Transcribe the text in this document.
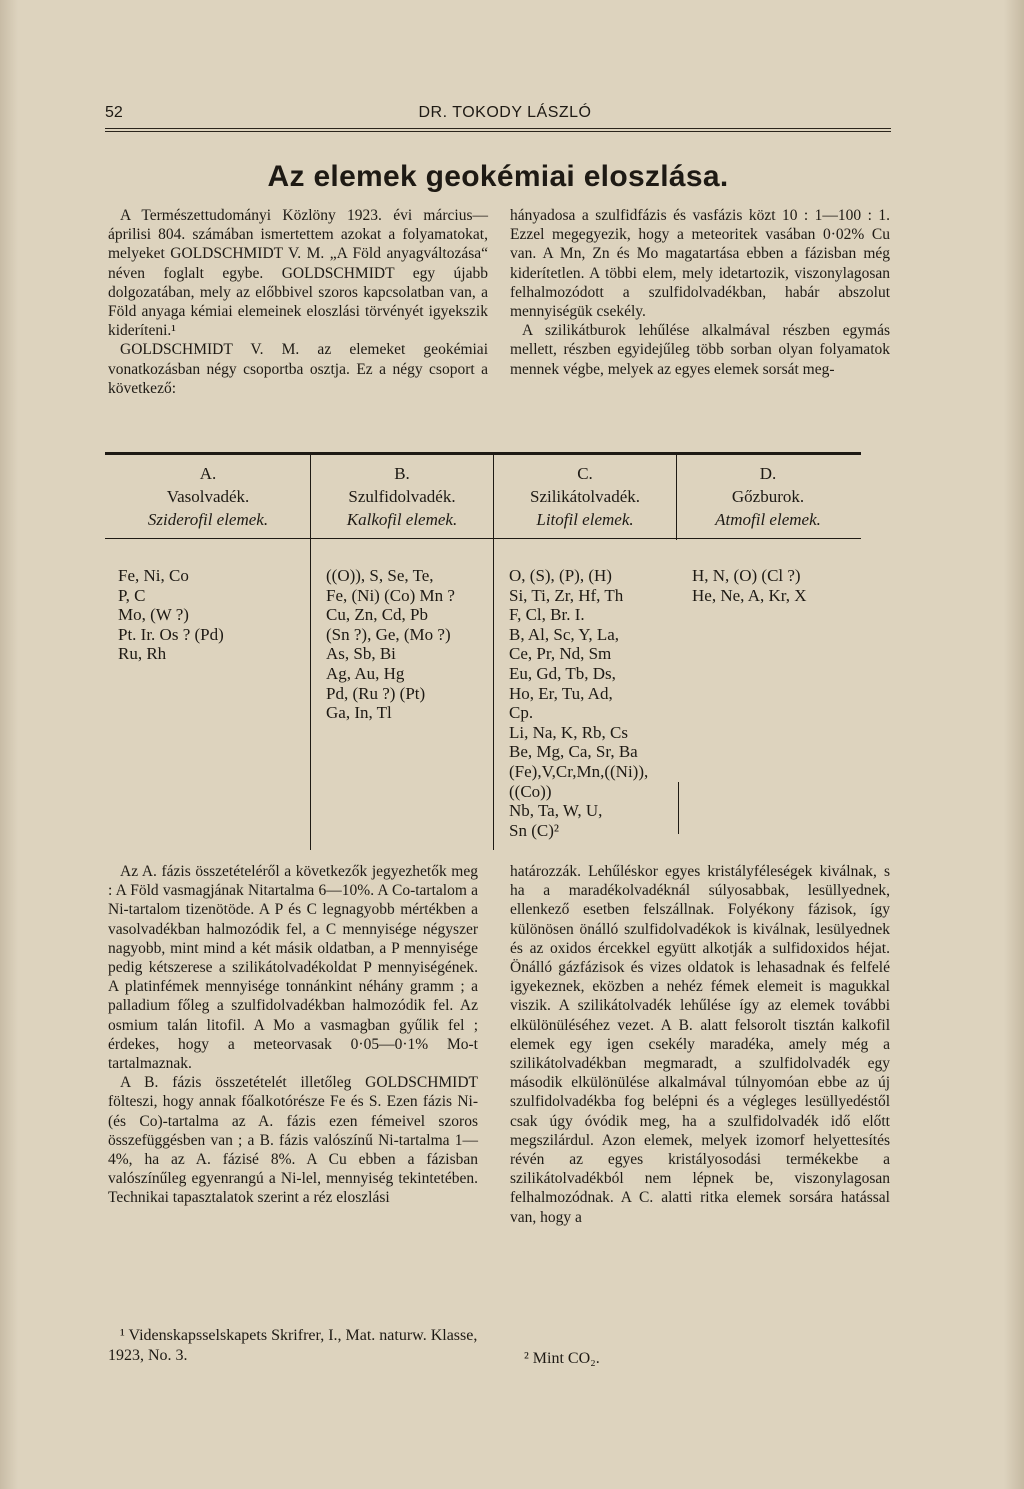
52	DR. TOKODY LÁSZLÓ
Az elemek geokémiai eloszlása.

A Természettudományi Közlöny 1923. évi március—áprilisi 804. számában ismertettem azokat a folyamatokat, melyeket GOLDSCHMIDT V. M. „A Föld anyagváltozása“ néven foglalt egybe. GOLDSCHMIDT egy újabb dolgozatában, mely az előbbivel szoros kapcsolatban van, a Föld anyaga kémiai elemeinek eloszlási törvényét igyekszik kideríteni.¹

GOLDSCHMIDT V. M. az elemeket geokémiai vonatkozásban négy csoportba osztja. Ez a négy csoport a következő:

hányadosa a szulfidfázis és vasfázis közt 10 : 1—100 : 1. Ezzel megegyezik, hogy a meteoritek vasában 0·02% Cu van. A Mn, Zn és Mo magatartása ebben a fázisban még kiderítetlen. A többi elem, mely idetartozik, viszonylagosan felhalmozódott a szulfidolvadékban, habár abszolut mennyiségük csekély.

A szilikátburok lehűlése alkalmával részben egymás mellett, részben egyidejűleg több sorban olyan folyamatok mennek végbe, melyek az egyes elemek sorsát meg-

A.
Vasolvadék.
Sziderofil elemek.
B.
Szulfidolvadék.
Kalkofil elemek.
C.
Szilikátolvadék.
Litofil elemek.
D.
Gőzburok.
Atmofil elemek.

Fe, Ni, Co

P, C

Mo, (W ?)

Pt. Ir. Os ? (Pd)

Ru, Rh

((O)), S, Se, Te,

Fe, (Ni) (Co) Mn ?

Cu, Zn, Cd, Pb

(Sn ?), Ge, (Mo ?)

As, Sb, Bi

Ag, Au, Hg

Pd, (Ru ?) (Pt)

Ga, In, Tl

O, (S), (P), (H)

Si, Ti, Zr, Hf, Th

F, Cl, Br. I.

B, Al, Sc, Y, La,

Ce, Pr, Nd, Sm

Eu, Gd, Tb, Ds,

Ho, Er, Tu, Ad,

Cp.

Li, Na, K, Rb, Cs

Be, Mg, Ca, Sr, Ba

(Fe),V,Cr,Mn,((Ni)),

((Co))

Nb, Ta, W, U,

Sn (C)²

H, N, (O) (Cl ?)

He, Ne, A, Kr, X

Az A. fázis összetételéről a következők jegyezhetők meg : A Föld vasmagjának Nitartalma 6—10%. A Co-tartalom a Ni-tartalom tizenötöde. A P és C legnagyobb mértékben a vasolvadékban halmozódik fel, a C mennyisége négyszer nagyobb, mint mind a két másik oldatban, a P mennyisége pedig kétszerese a szilikátolvadékoldat P mennyiségének. A platinfémek mennyisége tonnánkint néhány gramm ; a palladium főleg a szulfidolvadékban halmozódik fel. Az osmium talán litofil. A Mo a vasmagban gyűlik fel ; érdekes, hogy a meteorvasak 0·05—0·1% Mo-t tartalmaznak.

A B. fázis összetételét illetőleg GOLDSCHMIDT fölteszi, hogy annak főalkotórésze Fe és S. Ezen fázis Ni- (és Co)-tartalma az A. fázis ezen fémeivel szoros összefüggésben van ; a B. fázis valószínű Ni-tartalma 1—4%, ha az A. fázisé 8%. A Cu ebben a fázisban valószínűleg egyenrangú a Ni-lel, mennyiség tekintetében. Technikai tapasztalatok szerint a réz eloszlási

határozzák. Lehűléskor egyes kristályféleségek kiválnak, s ha a maradékolvadéknál súlyosabbak, lesüllyednek, ellenkező esetben felszállnak. Folyékony fázisok, így különösen önálló szulfidolvadékok is kiválnak, lesülyednek és az oxidos ércekkel együtt alkotják a sulfidoxidos héjat. Önálló gázfázisok és vizes oldatok is lehasadnak és felfelé igyekeznek, eközben a nehéz fémek elemeit is magukkal viszik. A szilikátolvadék lehűlése így az elemek további elkülönüléséhez vezet. A B. alatt felsorolt tisztán kalkofil elemek egy igen csekély maradéka, amely még a szilikátolvadékban megmaradt, a szulfidolvadék egy második elkülönülése alkalmával túlnyomóan ebbe az új szulfidolvadékba fog belépni és a végleges lesüllyedéstől csak úgy óvódik meg, ha a szulfidolvadék idő előtt megszilárdul. Azon elemek, melyek izomorf helyettesítés révén az egyes kristályosodási termékekbe a szilikátolvadékból nem lépnek be, viszonylagosan felhalmozódnak. A C. alatti ritka elemek sorsára hatással van, hogy a

¹ Videnskapsselskapets Skrifrer, I., Mat. naturw. Klasse, 1923, No. 3.	² Mint CO₂.
